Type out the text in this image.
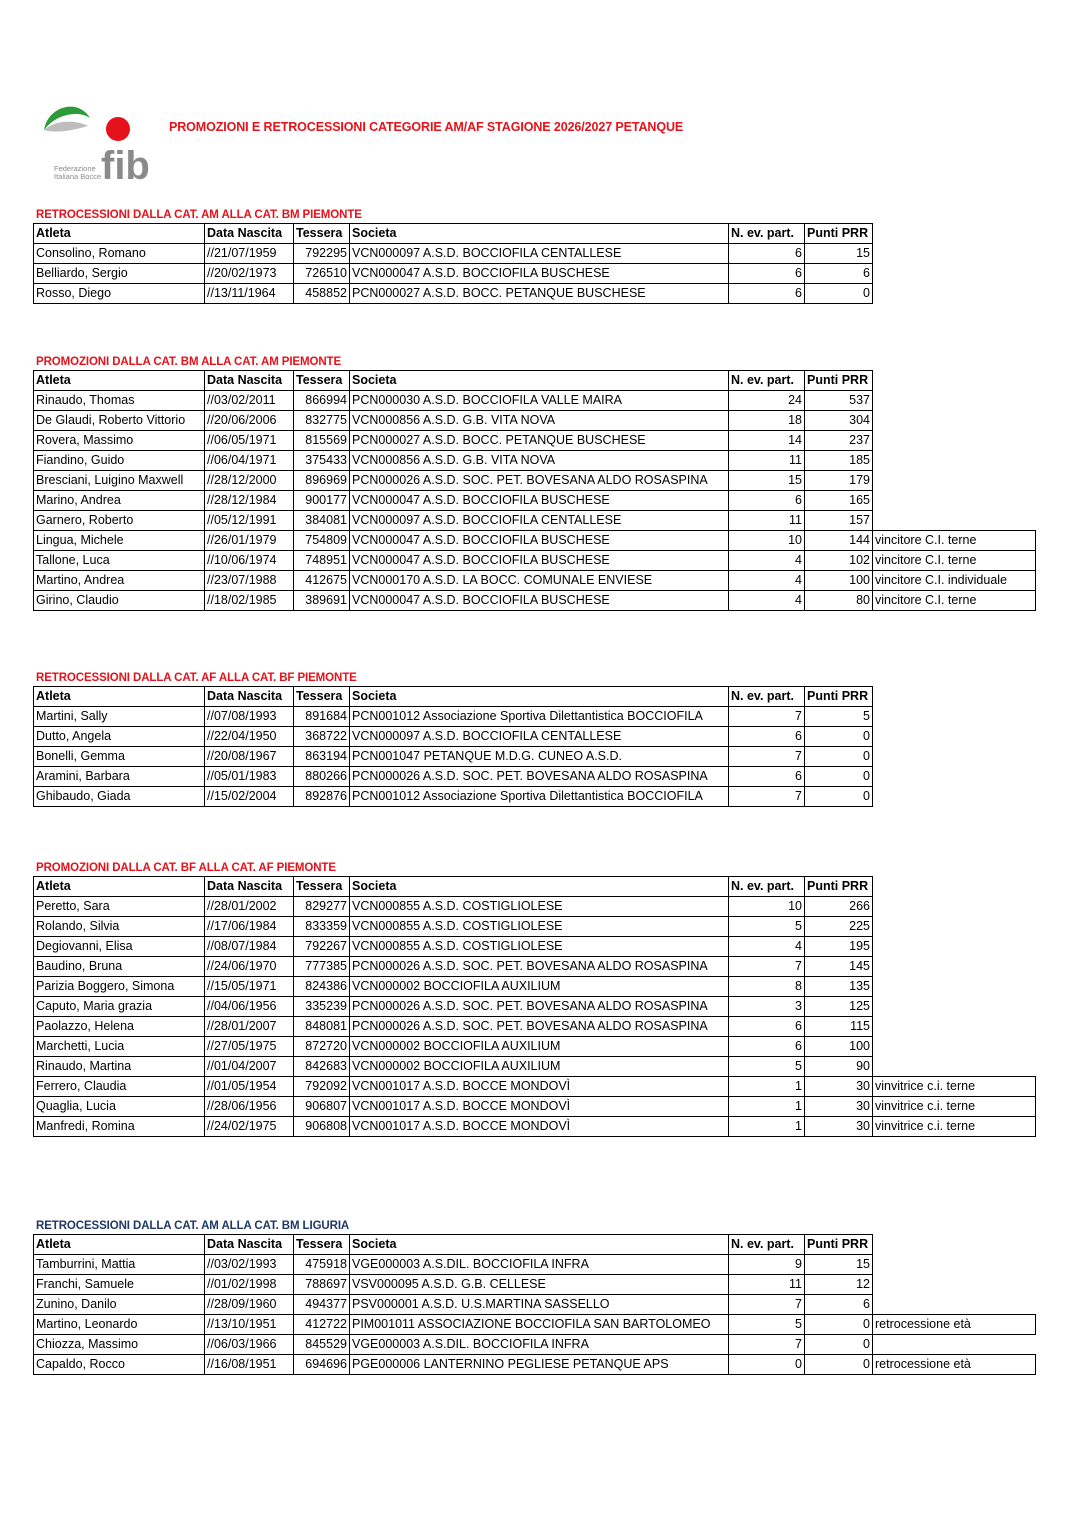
fib
Federazione
Italiana Bocce
PROMOZIONI E RETROCESSIONI CATEGORIE AM/AF STAGIONE 2026/2027 PETANQUE
RETROCESSIONI DALLA CAT. AM ALLA CAT. BM PIEMONTE
Atleta	Data Nascita	Tessera	Societa	N. ev. part.	Punti PRR	
Consolino, Romano	//21/07/1959	792295	VCN000097 A.S.D. BOCCIOFILA CENTALLESE	6	15	
Belliardo, Sergio	//20/02/1973	726510	VCN000047 A.S.D. BOCCIOFILA BUSCHESE	6	6	
Rosso, Diego	//13/11/1964	458852	PCN000027 A.S.D. BOCC. PETANQUE BUSCHESE	6	0	
PROMOZIONI DALLA CAT. BM ALLA CAT. AM PIEMONTE
Atleta	Data Nascita	Tessera	Societa	N. ev. part.	Punti PRR	
Rinaudo, Thomas	//03/02/2011	866994	PCN000030 A.S.D. BOCCIOFILA VALLE MAIRA	24	537	
De Glaudi, Roberto Vittorio	//20/06/2006	832775	VCN000856 A.S.D. G.B. VITA NOVA	18	304	
Rovera, Massimo	//06/05/1971	815569	PCN000027 A.S.D. BOCC. PETANQUE BUSCHESE	14	237	
Fiandino, Guido	//06/04/1971	375433	VCN000856 A.S.D. G.B. VITA NOVA	11	185	
Bresciani, Luigino Maxwell	//28/12/2000	896969	PCN000026 A.S.D. SOC. PET. BOVESANA ALDO ROSASPINA	15	179	
Marino, Andrea	//28/12/1984	900177	VCN000047 A.S.D. BOCCIOFILA BUSCHESE	6	165	
Garnero, Roberto	//05/12/1991	384081	VCN000097 A.S.D. BOCCIOFILA CENTALLESE	11	157	
Lingua, Michele	//26/01/1979	754809	VCN000047 A.S.D. BOCCIOFILA BUSCHESE	10	144	vincitore C.I. terne
Tallone, Luca	//10/06/1974	748951	VCN000047 A.S.D. BOCCIOFILA BUSCHESE	4	102	vincitore C.I. terne
Martino, Andrea	//23/07/1988	412675	VCN000170 A.S.D. LA BOCC. COMUNALE ENVIESE	4	100	vincitore C.I. individuale
Girino, Claudio	//18/02/1985	389691	VCN000047 A.S.D. BOCCIOFILA BUSCHESE	4	80	vincitore C.I. terne
RETROCESSIONI DALLA CAT. AF ALLA CAT. BF PIEMONTE
Atleta	Data Nascita	Tessera	Societa	N. ev. part.	Punti PRR	
Martini, Sally	//07/08/1993	891684	PCN001012 Associazione Sportiva Dilettantistica BOCCIOFILA	7	5	
Dutto, Angela	//22/04/1950	368722	VCN000097 A.S.D. BOCCIOFILA CENTALLESE	6	0	
Bonelli, Gemma	//20/08/1967	863194	PCN001047 PETANQUE M.D.G. CUNEO A.S.D.	7	0	
Aramini, Barbara	//05/01/1983	880266	PCN000026 A.S.D. SOC. PET. BOVESANA ALDO ROSASPINA	6	0	
Ghibaudo, Giada	//15/02/2004	892876	PCN001012 Associazione Sportiva Dilettantistica BOCCIOFILA	7	0	
PROMOZIONI DALLA CAT. BF ALLA CAT. AF PIEMONTE
Atleta	Data Nascita	Tessera	Societa	N. ev. part.	Punti PRR	
Peretto, Sara	//28/01/2002	829277	VCN000855 A.S.D. COSTIGLIOLESE	10	266	
Rolando, Silvia	//17/06/1984	833359	VCN000855 A.S.D. COSTIGLIOLESE	5	225	
Degiovanni, Elisa	//08/07/1984	792267	VCN000855 A.S.D. COSTIGLIOLESE	4	195	
Baudino, Bruna	//24/06/1970	777385	PCN000026 A.S.D. SOC. PET. BOVESANA ALDO ROSASPINA	7	145	
Parizia Boggero, Simona	//15/05/1971	824386	VCN000002 BOCCIOFILA AUXILIUM	8	135	
Caputo, Maria grazia	//04/06/1956	335239	PCN000026 A.S.D. SOC. PET. BOVESANA ALDO ROSASPINA	3	125	
Paolazzo, Helena	//28/01/2007	848081	PCN000026 A.S.D. SOC. PET. BOVESANA ALDO ROSASPINA	6	115	
Marchetti, Lucia	//27/05/1975	872720	VCN000002 BOCCIOFILA AUXILIUM	6	100	
Rinaudo, Martina	//01/04/2007	842683	VCN000002 BOCCIOFILA AUXILIUM	5	90	
Ferrero, Claudia	//01/05/1954	792092	VCN001017 A.S.D. BOCCE MONDOVÌ	1	30	vinvitrice c.i. terne
Quaglia, Lucia	//28/06/1956	906807	VCN001017 A.S.D. BOCCE MONDOVÌ	1	30	vinvitrice c.i. terne
Manfredi, Romina	//24/02/1975	906808	VCN001017 A.S.D. BOCCE MONDOVÌ	1	30	vinvitrice c.i. terne
RETROCESSIONI DALLA CAT. AM ALLA CAT. BM LIGURIA
Atleta	Data Nascita	Tessera	Societa	N. ev. part.	Punti PRR	
Tamburrini, Mattia	//03/02/1993	475918	VGE000003 A.S.DIL. BOCCIOFILA INFRA	9	15	
Franchi, Samuele	//01/02/1998	788697	VSV000095 A.S.D. G.B. CELLESE	11	12	
Zunino, Danilo	//28/09/1960	494377	PSV000001 A.S.D. U.S.MARTINA SASSELLO	7	6	
Martino, Leonardo	//13/10/1951	412722	PIM001011 ASSOCIAZIONE BOCCIOFILA SAN BARTOLOMEO	5	0	retrocessione età
Chiozza, Massimo	//06/03/1966	845529	VGE000003 A.S.DIL. BOCCIOFILA INFRA	7	0	
Capaldo, Rocco	//16/08/1951	694696	PGE000006 LANTERNINO PEGLIESE PETANQUE APS	0	0	retrocessione età
